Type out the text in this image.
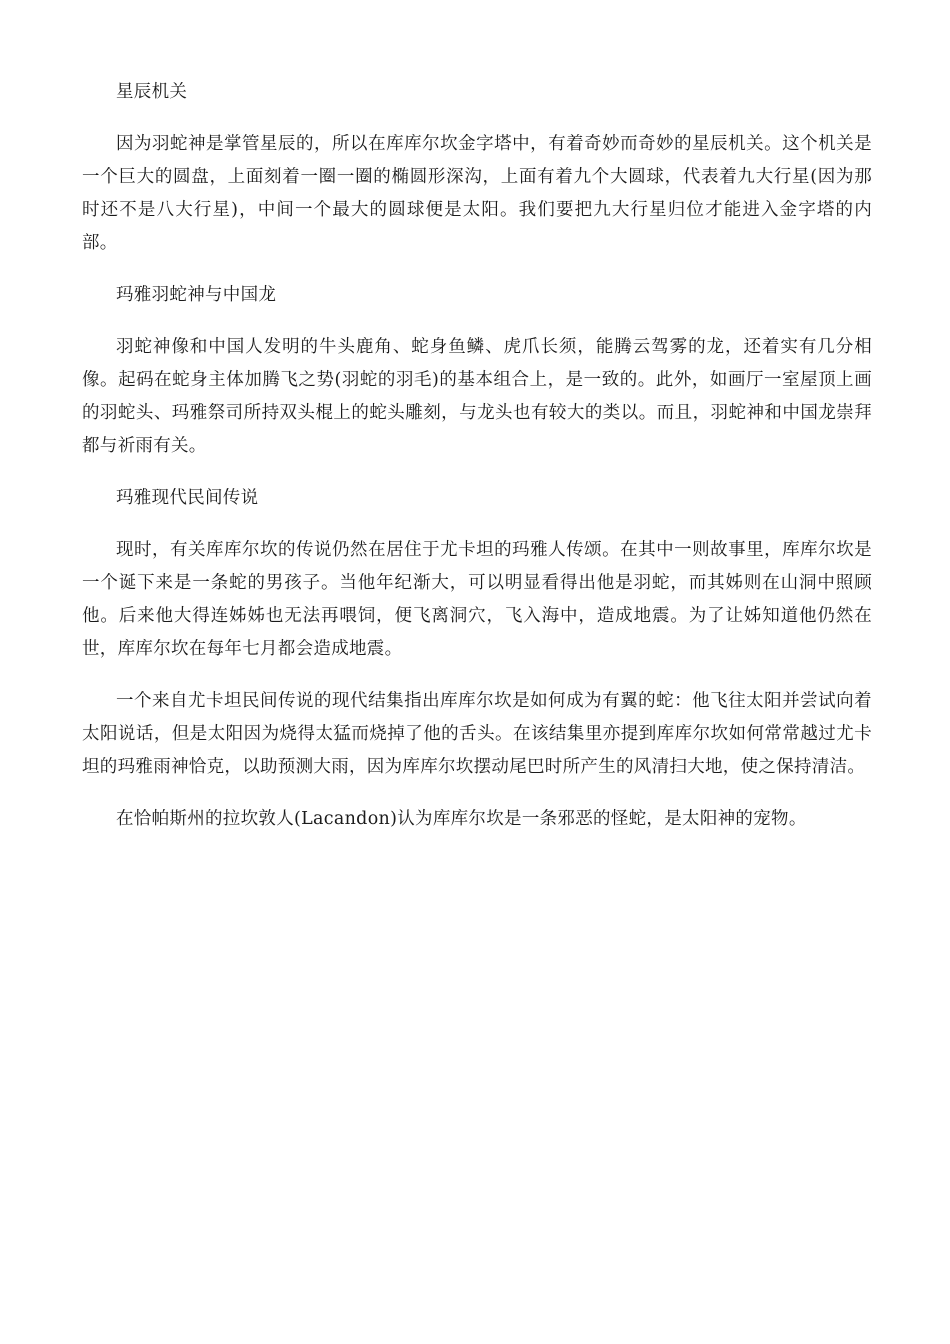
星辰机关

因为羽蛇神是掌管星辰的，所以在库库尔坎金字塔中，有着奇妙而奇妙的星辰机关。这个机关是一个巨大的圆盘，上面刻着一圈一圈的椭圆形深沟，上面有着九个大圆球，代表着九大行星(因为那时还不是八大行星)，中间一个最大的圆球便是太阳。我们要把九大行星归位才能进入金字塔的内部。

玛雅羽蛇神与中国龙

羽蛇神像和中国人发明的牛头鹿角、蛇身鱼鳞、虎爪长须，能腾云驾雾的龙，还着实有几分相像。起码在蛇身主体加腾飞之势(羽蛇的羽毛)的基本组合上，是一致的。此外，如画厅一室屋顶上画的羽蛇头、玛雅祭司所持双头棍上的蛇头雕刻，与龙头也有较大的类以。而且，羽蛇神和中国龙崇拜都与祈雨有关。

玛雅现代民间传说

现时，有关库库尔坎的传说仍然在居住于尤卡坦的玛雅人传颂。在其中一则故事里，库库尔坎是一个诞下来是一条蛇的男孩子。当他年纪渐大，可以明显看得出他是羽蛇，而其姊则在山洞中照顾他。后来他大得连姊姊也无法再喂饲，便飞离洞穴，飞入海中，造成地震。为了让姊知道他仍然在世，库库尔坎在每年七月都会造成地震。

一个来自尤卡坦民间传说的现代结集指出库库尔坎是如何成为有翼的蛇：他飞往太阳并尝试向着太阳说话，但是太阳因为烧得太猛而烧掉了他的舌头。在该结集里亦提到库库尔坎如何常常越过尤卡坦的玛雅雨神恰克，以助预测大雨，因为库库尔坎摆动尾巴时所产生的风清扫大地，使之保持清洁。

在恰帕斯州的拉坎敦人(Lacandon)认为库库尔坎是一条邪恶的怪蛇，是太阳神的宠物。
